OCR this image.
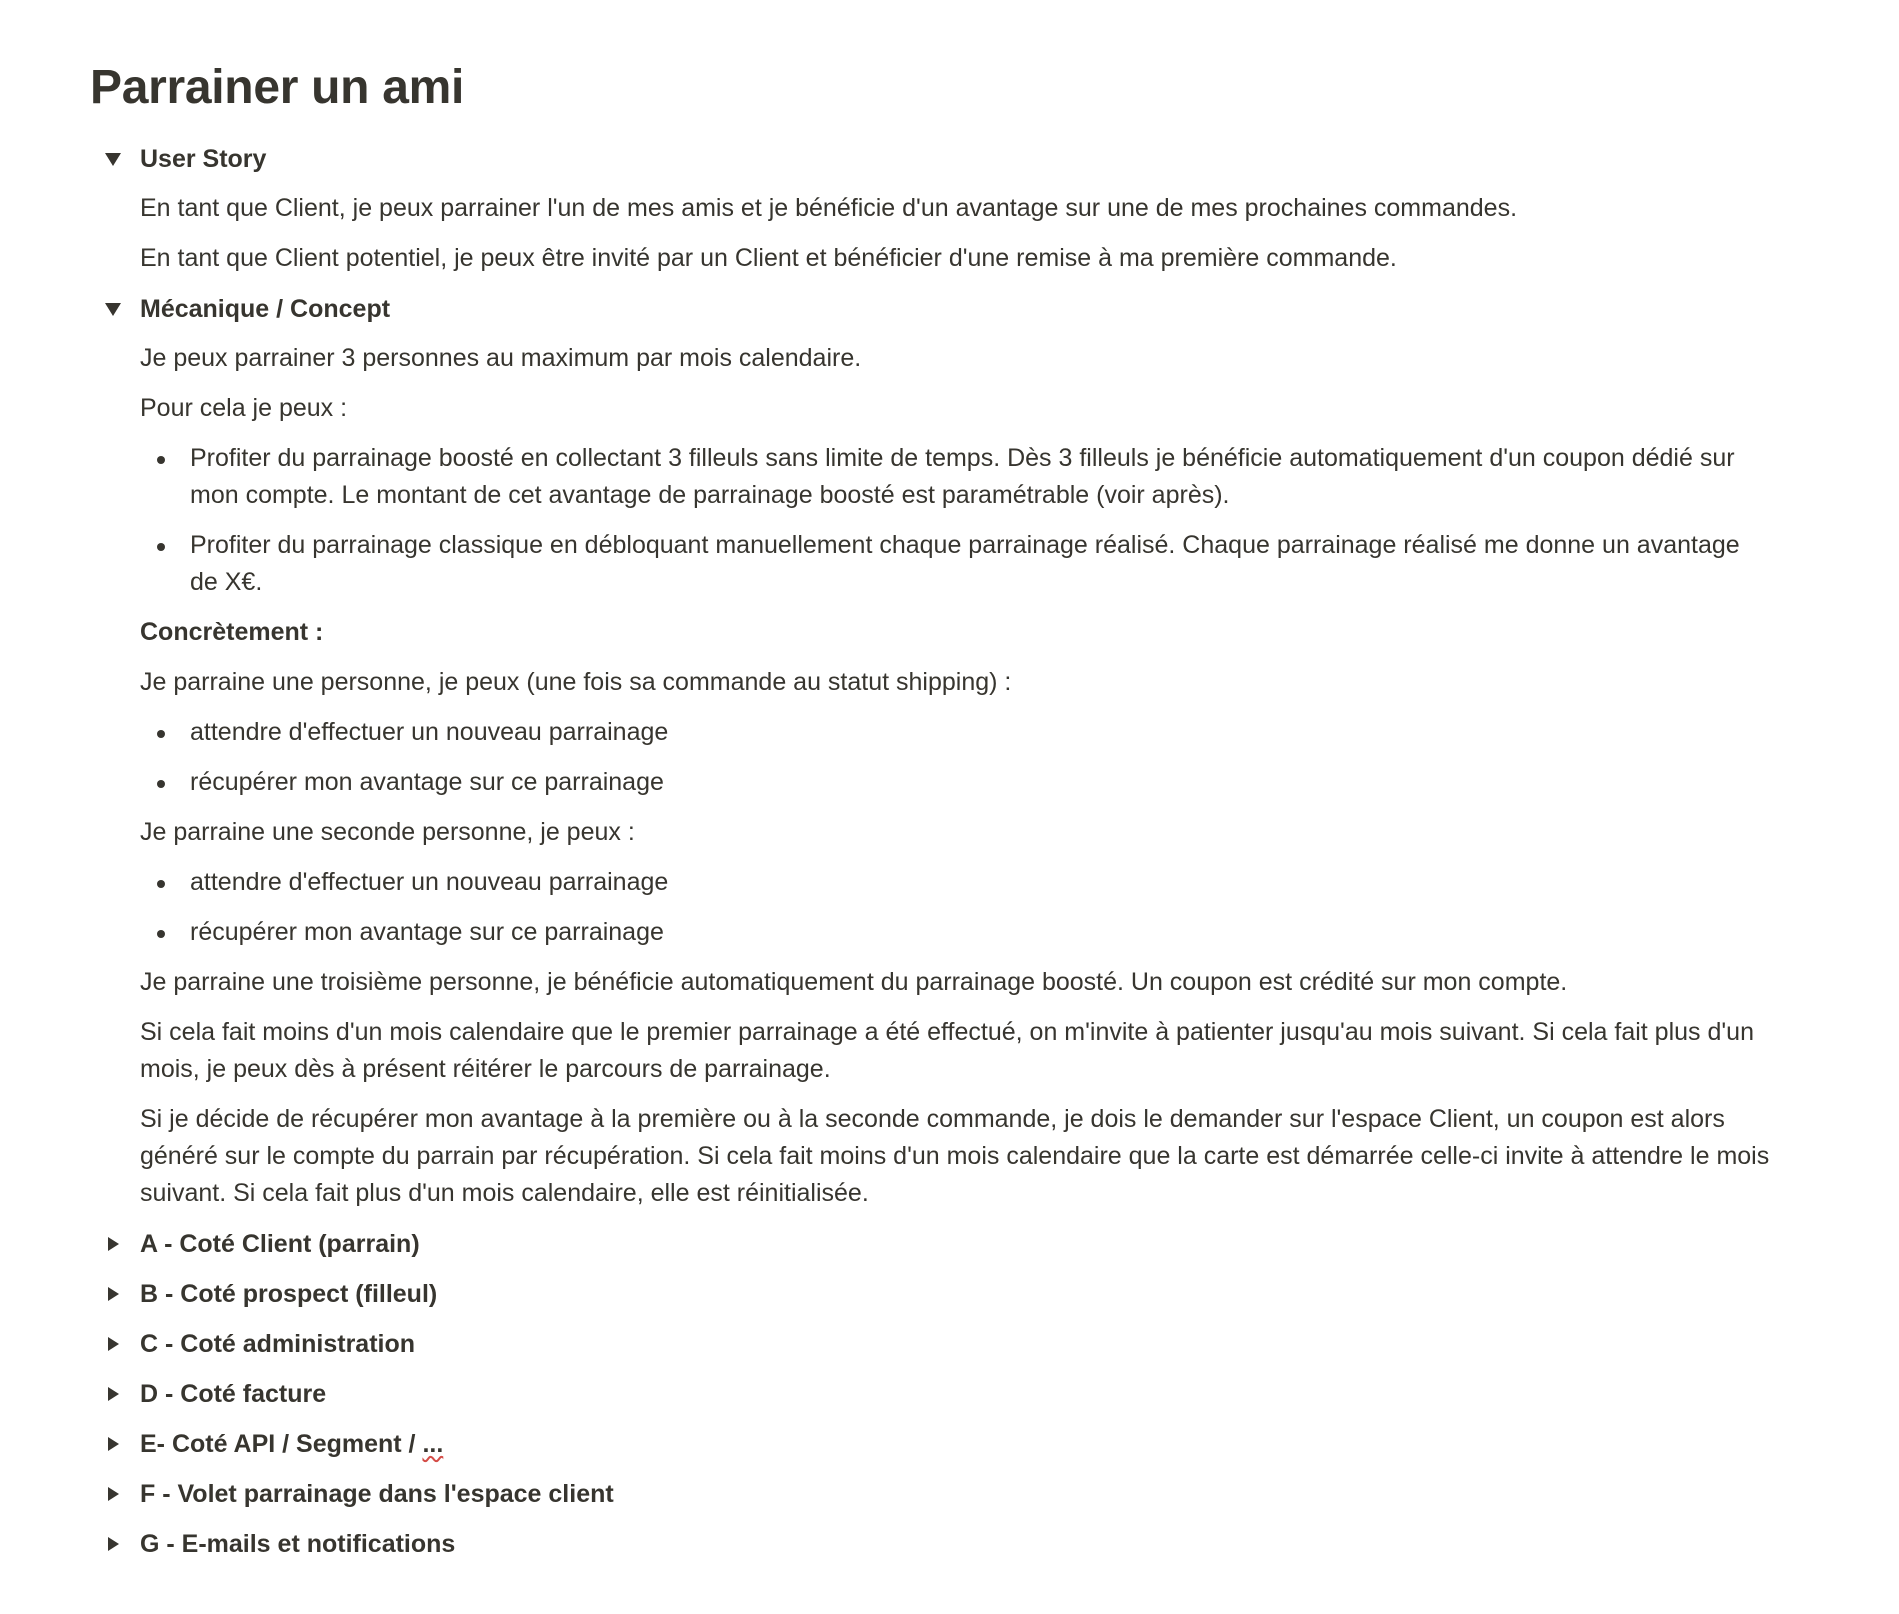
Parrainer un ami
User Story

En tant que Client, je peux parrainer l'un de mes amis et je bénéficie d'un avantage sur une de mes prochaines commandes.

En tant que Client potentiel, je peux être invité par un Client et bénéficier d'une remise à ma première commande.

Mécanique / Concept

Je peux parrainer 3 personnes au maximum par mois calendaire.

Pour cela je peux :

Profiter du parrainage boosté en collectant 3 filleuls sans limite de temps. Dès 3 filleuls je bénéficie automatiquement d'un coupon dédié sur mon compte. Le montant de cet avantage de parrainage boosté est paramétrable (voir après).
Profiter du parrainage classique en débloquant manuellement chaque parrainage réalisé. Chaque parrainage réalisé me donne un avantage de X€.

Concrètement :

Je parraine une personne, je peux (une fois sa commande au statut shipping) :

attendre d'effectuer un nouveau parrainage
récupérer mon avantage sur ce parrainage

Je parraine une seconde personne, je peux :

attendre d'effectuer un nouveau parrainage
récupérer mon avantage sur ce parrainage

Je parraine une troisième personne, je bénéficie automatiquement du parrainage boosté. Un coupon est crédité sur mon compte.

Si cela fait moins d'un mois calendaire que le premier parrainage a été effectué, on m'invite à patienter jusqu'au mois suivant. Si cela fait plus d'un mois, je peux dès à présent réitérer le parcours de parrainage.

Si je décide de récupérer mon avantage à la première ou à la seconde commande, je dois le demander sur l'espace Client, un coupon est alors généré sur le compte du parrain par récupération. Si cela fait moins d'un mois calendaire que la carte est démarrée celle-ci invite à attendre le mois suivant. Si cela fait plus d'un mois calendaire, elle est réinitialisée.

A - Coté Client (parrain)
B - Coté prospect (filleul)
C - Coté administration
D - Coté facture
E- Coté API / Segment / ...
F - Volet parrainage dans l'espace client
G - E-mails et notifications
